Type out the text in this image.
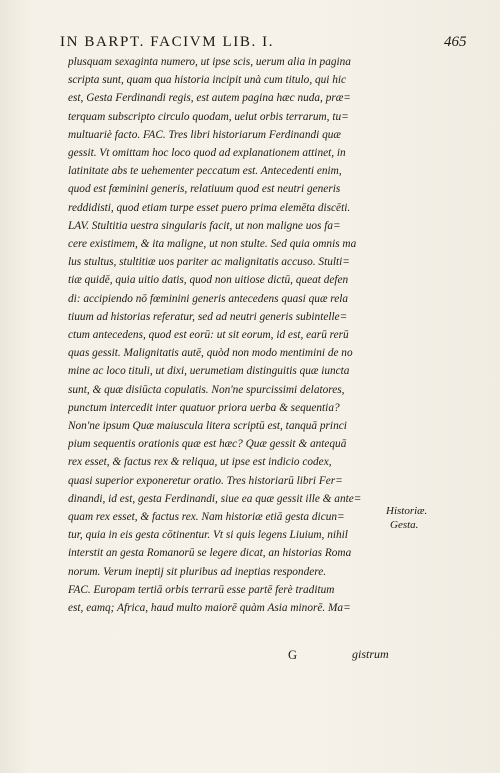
IN BARPT. FACIVM LIB. I.	465
plusquam sexaginta numero, ut ipse scis, uerum alia in pagina
scripta sunt, quam qua historia incipit unà cum titulo, qui hic
est, Gesta Ferdinandi regis, est autem pagina hæc nuda, præ=
terquam subscripto circulo quodam, uelut orbis terrarum, tu=
multuariè facto. FAC. Tres libri historiarum Ferdinandi quæ
gessit. Vt omittam hoc loco quod ad explanationem attinet, in
latinitate abs te uehementer peccatum est. Antecedenti enim,
quod est fœminini generis, relatiuum quod est neutri generis
reddidisti, quod etiam turpe esset puero prima elemēta discēti.
LAV. Stultitia uestra singularis facit, ut non maligne uos fa=
cere existimem, & ita maligne, ut non stulte. Sed quia omnis ma
lus stultus, stultitiæ uos pariter ac malignitatis accuso. Stulti=
tiæ quidē, quia uitio datis, quod non uitiose dictū, queat defen
di: accipiendo nō fœminini generis antecedens quasi quæ rela
tiuum ad historias referatur, sed ad neutri generis subintelle=
ctum antecedens, quod est eorū: ut sit eorum, id est, earū rerū
quas gessit. Malignitatis autē, quòd non modo mentimini de no
mine ac loco tituli, ut dixi, uerumetiam distinguitis quæ iuncta
sunt, & quæ disiūcta copulatis. Non'ne spurcissimi delatores,
punctum intercedit inter quatuor priora uerba & sequentia?
Non'ne ipsum Quæ maiuscula litera scriptū est, tanquā princi
pium sequentis orationis quæ est hæc? Quæ gessit & antequā
rex esset, & factus rex & reliqua, ut ipse est indicio codex,
quasi superior exponeretur oratio. Tres historiarū libri Fer=
dinandi, id est, gesta Ferdinandi, siue ea quæ gessit ille & ante=
quam rex esset, & factus rex. Nam historiæ etiā gesta dicun=
tur, quia in eis gesta cōtinentur. Vt si quis legens Liuium, nihil
interstit an gesta Romanorū se legere dicat, an historias Roma
norum. Verum ineptij sit pluribus ad ineptias respondere.
FAC. Europam tertiā orbis terrarū esse partē ferè traditum
est, eamq; Africa, haud multo maiorē quàm Asia minorē. Ma=
Historiæ.
Gesta.
G	gistrum
